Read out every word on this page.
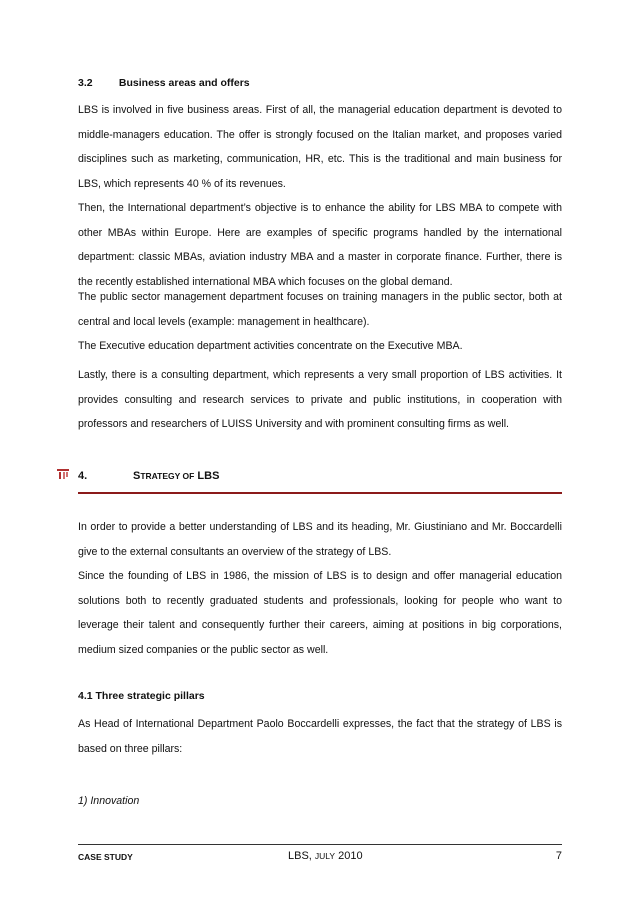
3.2	Business areas and offers

LBS is involved in five business areas. First of all, the managerial education department is devoted to middle-managers education. The offer is strongly focused on the Italian market, and proposes varied disciplines such as marketing, communication, HR, etc. This is the traditional and main business for LBS, which represents 40 % of its revenues.

Then, the International department’s objective is to enhance the ability for LBS MBA to compete with other MBAs within Europe. Here are examples of specific programs handled by the international department: classic MBAs, aviation industry MBA and a master in corporate finance. Further, there is the recently established international MBA which focuses on the global demand.

The public sector management department focuses on training managers in the public sector, both at central and local levels (example: management in healthcare).

The Executive education department activities concentrate on the Executive MBA.

Lastly, there is a consulting department, which represents a very small proportion of LBS activities. It provides consulting and research services to private and public institutions, in cooperation with professors and researchers of LUISS University and with prominent consulting firms as well.

4.	S TRATEGY OF
LBS

In order to provide a better understanding of LBS and its heading, Mr. Giustiniano and Mr. Boccardelli give to the external consultants an overview of the strategy of LBS.

Since the founding of LBS in 1986, the mission of LBS is to design and offer managerial education solutions both to recently graduated students and professionals, looking for people who want to leverage their talent and consequently further their careers, aiming at positions in big corporations, medium sized companies or the public sector as well.

4.1 Three strategic pillars

As Head of International Department Paolo Boccardelli expresses, the fact that the strategy of LBS is based on three pillars:

1) Innovation
CASE STUDY	LBS, JULY 2010	7
